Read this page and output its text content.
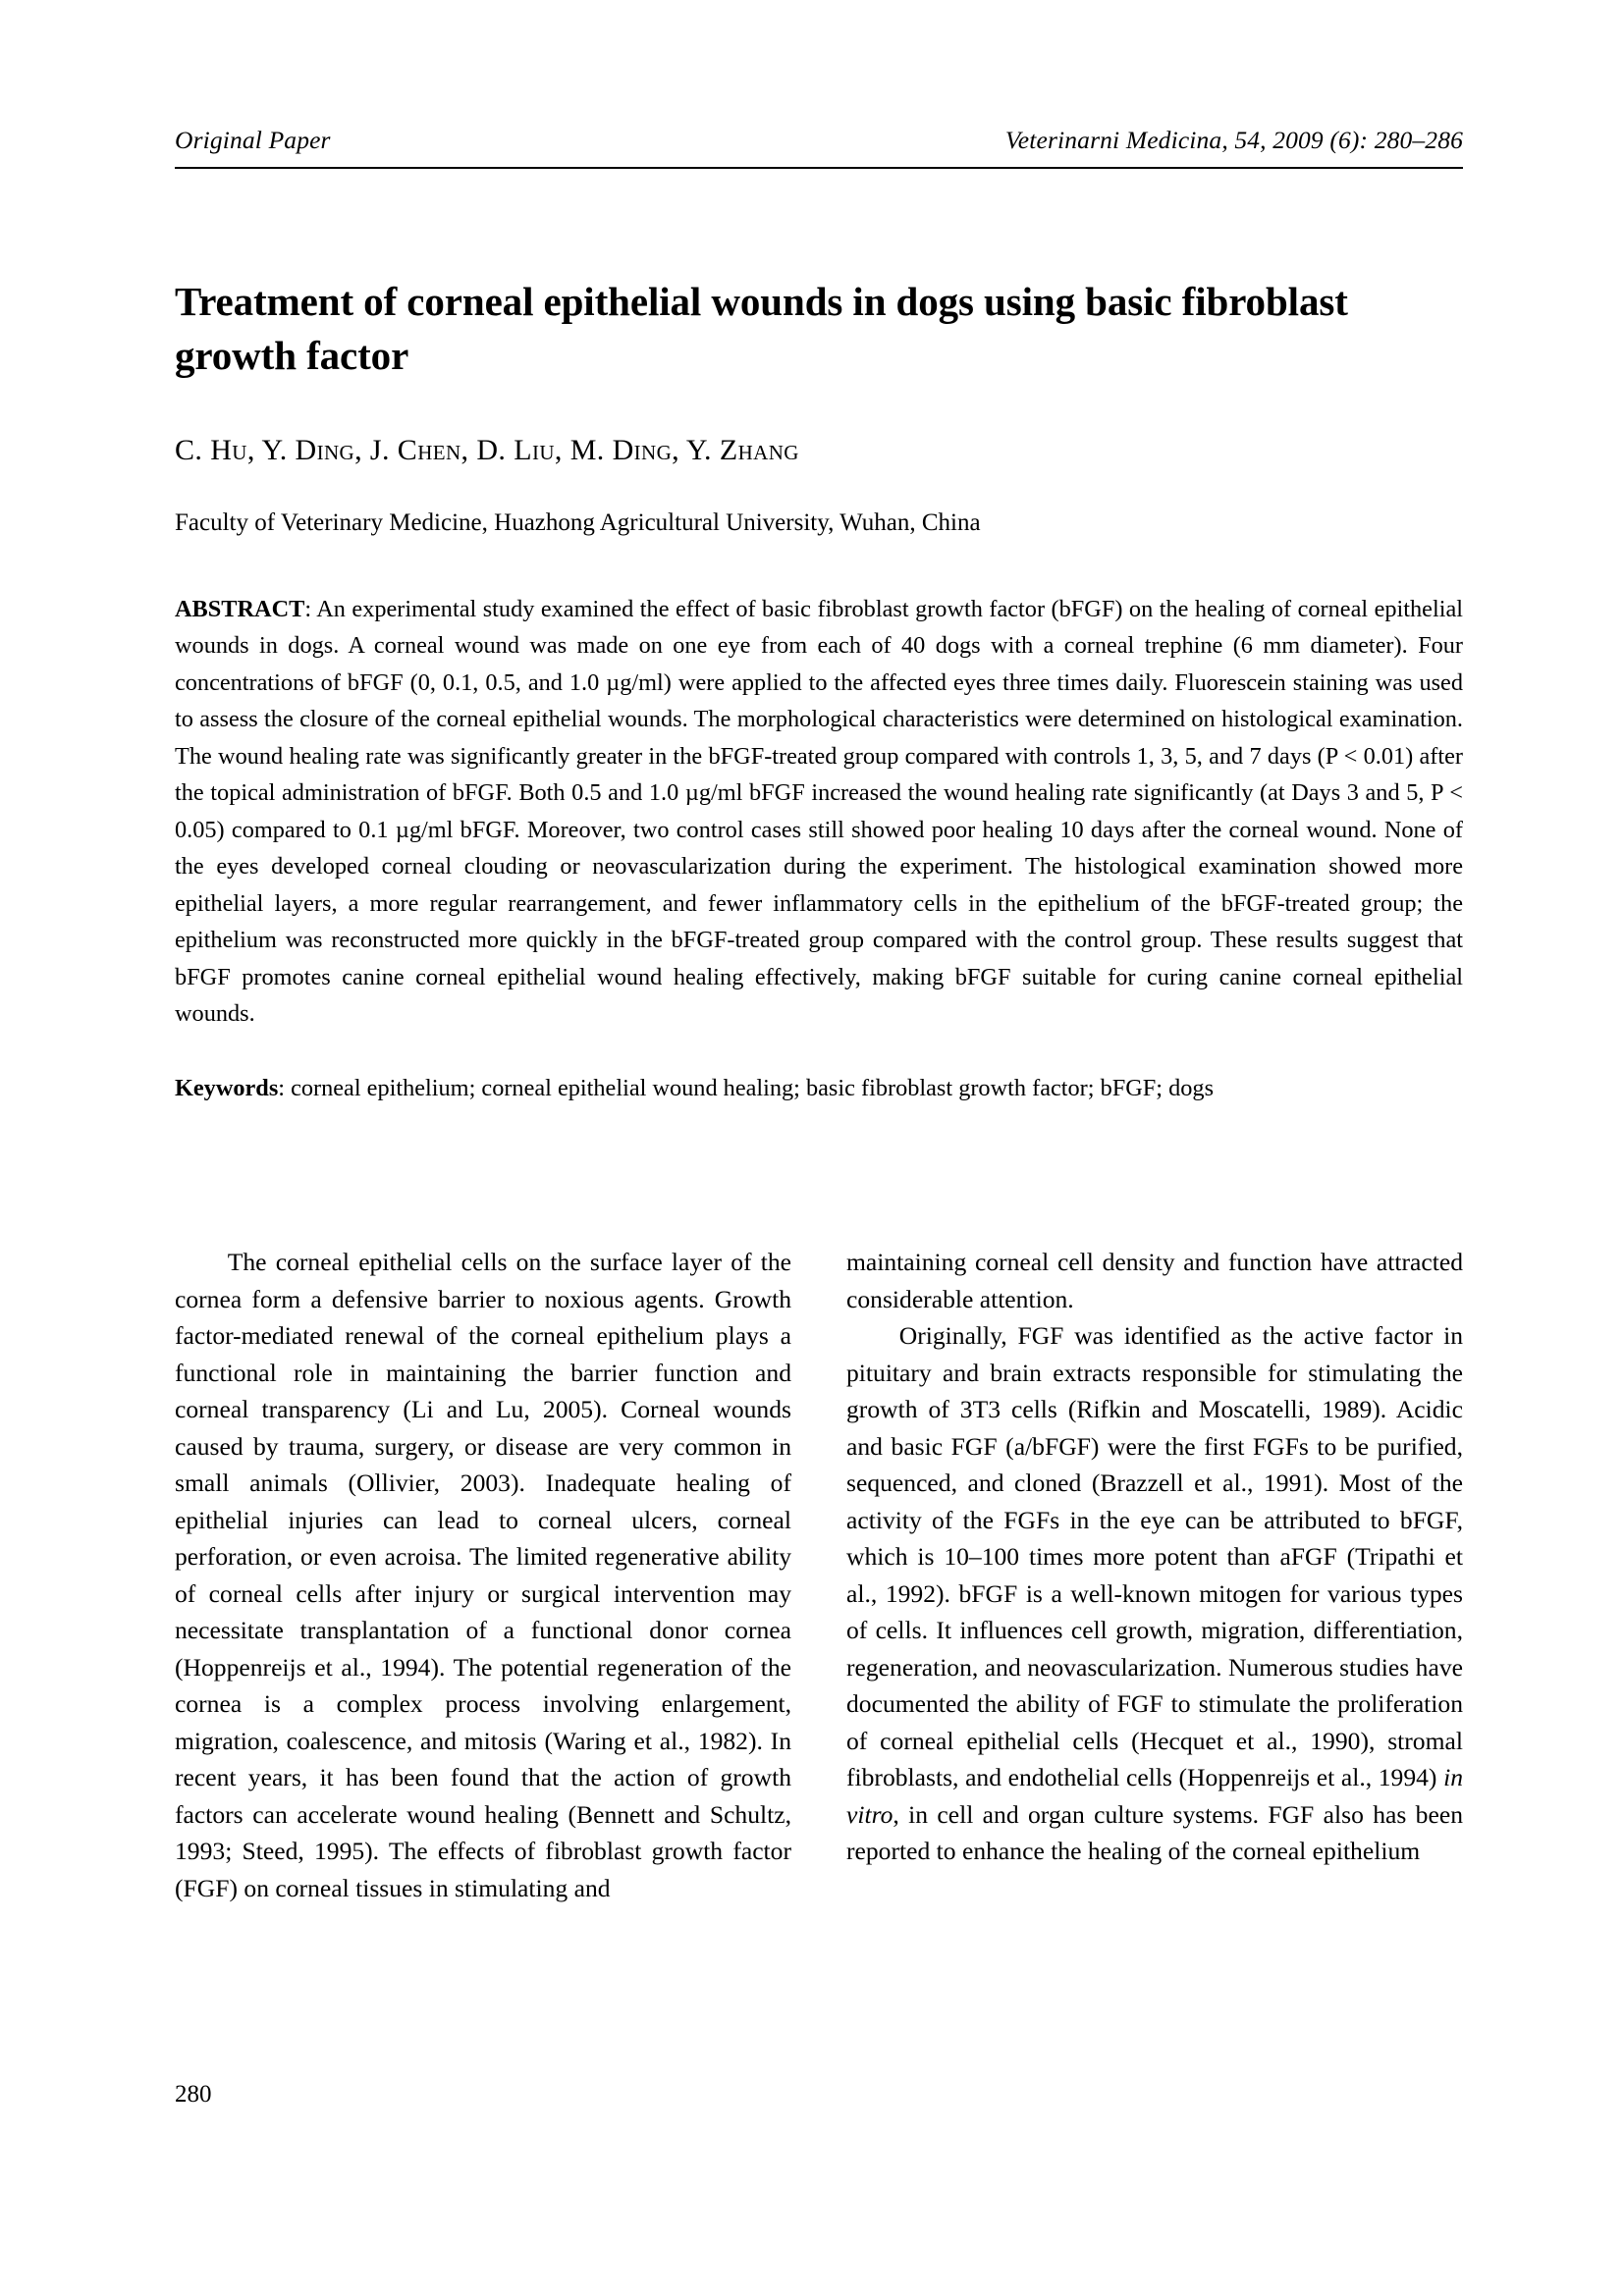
Original Paper	Veterinarni Medicina, 54, 2009 (6): 280–286
Treatment of corneal epithelial wounds in dogs using basic fibroblast growth factor
C. Hu, Y. Ding, J. Chen, D. Liu, M. Ding, Y. Zhang
Faculty of Veterinary Medicine, Huazhong Agricultural University, Wuhan, China
ABSTRACT: An experimental study examined the effect of basic fibroblast growth factor (bFGF) on the healing of corneal epithelial wounds in dogs. A corneal wound was made on one eye from each of 40 dogs with a corneal trephine (6 mm diameter). Four concentrations of bFGF (0, 0.1, 0.5, and 1.0 µg/ml) were applied to the affected eyes three times daily. Fluorescein staining was used to assess the closure of the corneal epithelial wounds. The morphological characteristics were determined on histological examination. The wound healing rate was significantly greater in the bFGF-treated group compared with controls 1, 3, 5, and 7 days (P < 0.01) after the topical administration of bFGF. Both 0.5 and 1.0 µg/ml bFGF increased the wound healing rate significantly (at Days 3 and 5, P < 0.05) compared to 0.1 µg/ml bFGF. Moreover, two control cases still showed poor healing 10 days after the corneal wound. None of the eyes developed corneal clouding or neovascularization during the experiment. The histological examination showed more epithelial layers, a more regular rearrangement, and fewer inflammatory cells in the epithelium of the bFGF-treated group; the epithelium was reconstructed more quickly in the bFGF-treated group compared with the control group. These results suggest that bFGF promotes canine corneal epithelial wound healing effectively, making bFGF suitable for curing canine corneal epithelial wounds.
Keywords: corneal epithelium; corneal epithelial wound healing; basic fibroblast growth factor; bFGF; dogs

The corneal epithelial cells on the surface layer of the cornea form a defensive barrier to noxious agents. Growth factor-mediated renewal of the corneal epithelium plays a functional role in maintaining the barrier function and corneal transparency (Li and Lu, 2005). Corneal wounds caused by trauma, surgery, or disease are very common in small animals (Ollivier, 2003). Inadequate healing of epithelial injuries can lead to corneal ulcers, corneal perforation, or even acroisa. The limited regenerative ability of corneal cells after injury or surgical intervention may necessitate transplantation of a functional donor cornea (Hoppenreijs et al., 1994). The potential regeneration of the cornea is a complex process involving enlargement, migration, coalescence, and mitosis (Waring et al., 1982). In recent years, it has been found that the action of growth factors can accelerate wound healing (Bennett and Schultz, 1993; Steed, 1995). The effects of fibroblast growth factor (FGF) on corneal tissues in stimulating and

maintaining corneal cell density and function have attracted considerable attention.

Originally, FGF was identified as the active factor in pituitary and brain extracts responsible for stimulating the growth of 3T3 cells (Rifkin and Moscatelli, 1989). Acidic and basic FGF (a/bFGF) were the first FGFs to be purified, sequenced, and cloned (Brazzell et al., 1991). Most of the activity of the FGFs in the eye can be attributed to bFGF, which is 10–100 times more potent than aFGF (Tripathi et al., 1992). bFGF is a well-known mitogen for various types of cells. It influences cell growth, migration, differentiation, regeneration, and neovascularization. Numerous studies have documented the ability of FGF to stimulate the proliferation of corneal epithelial cells (Hecquet et al., 1990), stromal fibroblasts, and endothelial cells (Hoppenreijs et al., 1994) in vitro, in cell and organ culture systems. FGF also has been reported to enhance the healing of the corneal epithelium

280
